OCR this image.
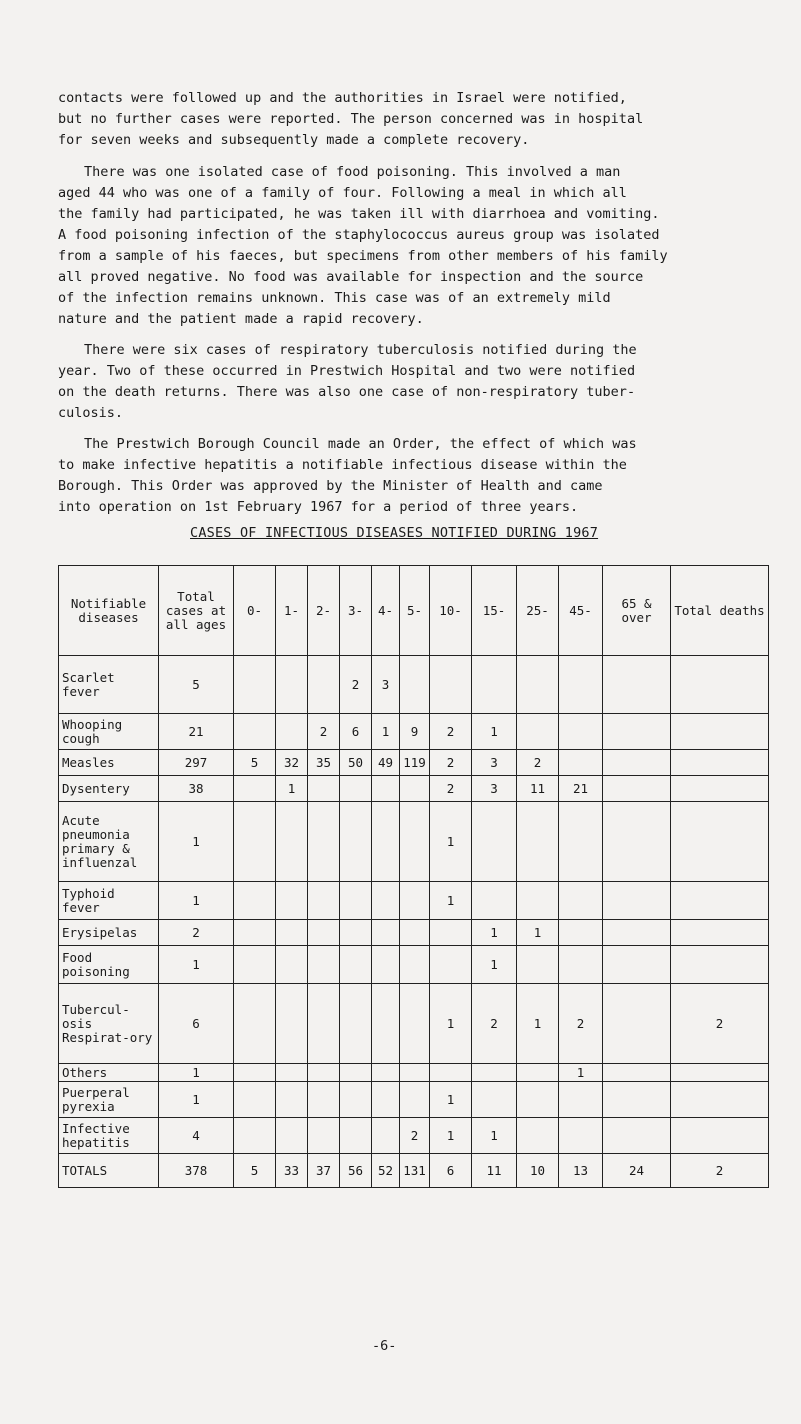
contacts were followed up and the authorities in Israel were notified,
but no further cases were reported. The person concerned was in hospital
for seven weeks and subsequently made a complete recovery.
There was one isolated case of food poisoning. This involved a man
aged 44 who was one of a family of four. Following a meal in which all
the family had participated, he was taken ill with diarrhoea and vomiting.
A food poisoning infection of the staphylococcus aureus group was isolated
from a sample of his faeces, but specimens from other members of his family
all proved negative. No food was available for inspection and the source
of the infection remains unknown. This case was of an extremely mild
nature and the patient made a rapid recovery.
There were six cases of respiratory tuberculosis notified during the
year. Two of these occurred in Prestwich Hospital and two were notified
on the death returns. There was also one case of non-respiratory tuber-
culosis.
The Prestwich Borough Council made an Order, the effect of which was
to make infective hepatitis a notifiable infectious disease within the
Borough. This Order was approved by the Minister of Health and came
into operation on 1st February 1967 for a period of three years.
CASES OF INFECTIOUS DISEASES NOTIFIED DURING 1967
Notifiable diseases	Total cases at all ages	0-	1-	2-	3-	4-	5-	10-	15-	25-	45-	65 & over	Total deaths
Scarlet fever	5				2	3							
Whooping cough	21			2	6	1	9	2	1				
Measles	297	5	32	35	50	49	119	2	3	2			
Dysentery	38		1					2	3	11	21		
Acute pneumonia primary & influenzal	1							1					
Typhoid fever	1							1					
Erysipelas	2								1	1			
Food poisoning	1								1				
Tubercul-osis Respirat-ory	6							1	2	1	2		2
Others	1										1		
Puerperal pyrexia	1							1					
Infective hepatitis	4						2	1	1				
TOTALS	378	5	33	37	56	52	131	6	11	10	13	24	2
-6-
